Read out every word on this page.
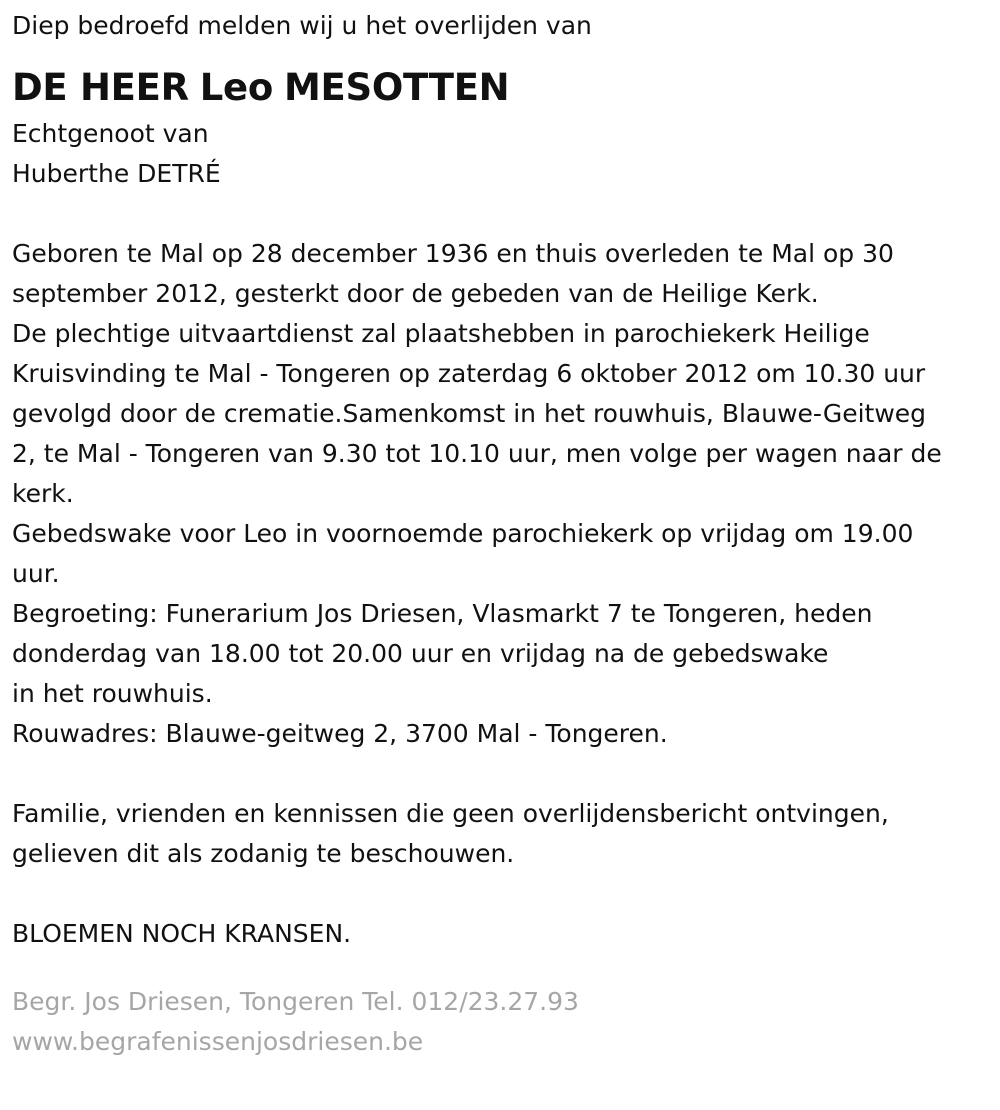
Diep bedroefd melden wij u het overlijden van

DE HEER Leo MESOTTEN

Echtgenoot van

Huberthe DETRÉ

Geboren te Mal op 28 december 1936 en thuis overleden te Mal op 30

september 2012, gesterkt door de gebeden van de Heilige Kerk.

De plechtige uitvaartdienst zal plaatshebben in parochiekerk Heilige

Kruisvinding te Mal - Tongeren op zaterdag 6 oktober 2012 om 10.30 uur

gevolgd door de crematie.Samenkomst in het rouwhuis, Blauwe-Geitweg

2, te Mal - Tongeren van 9.30 tot 10.10 uur, men volge per wagen naar de

kerk.

Gebedswake voor Leo in voornoemde parochiekerk op vrijdag om 19.00

uur.

Begroeting: Funerarium Jos Driesen, Vlasmarkt 7 te Tongeren, heden

donderdag van 18.00 tot 20.00 uur en vrijdag na de gebedswake

in het rouwhuis.

Rouwadres: Blauwe-geitweg 2, 3700 Mal - Tongeren.

Familie, vrienden en kennissen die geen overlijdensbericht ontvingen,

gelieven dit als zodanig te beschouwen.

BLOEMEN NOCH KRANSEN.

Begr. Jos Driesen, Tongeren Tel. 012/23.27.93

www.begrafenissenjosdriesen.be
